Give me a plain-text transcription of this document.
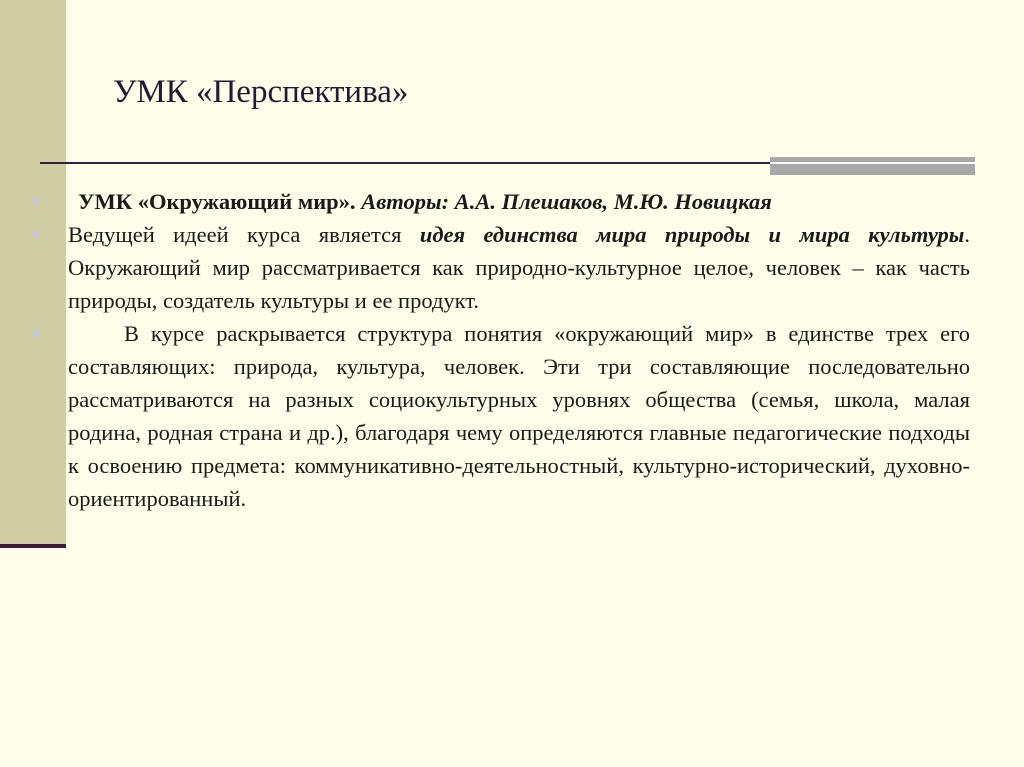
УМК «Перспектива»
УМК «Окружающий мир». Авторы: А.А. Плешаков, М.Ю. Новицкая
Ведущей идеей курса является идея единства мира природы и мира культуры. Окружающий мир рассматривается как природно-культурное целое, человек – как часть природы, создатель культуры и ее продукт.
В курсе раскрывается структура понятия «окружающий мир» в единстве трех его составляющих: природа, культура, человек. Эти три составляющие последовательно рассматриваются на разных социокультурных уровнях общества (семья, школа, малая родина, родная страна и др.), благодаря чему определяются главные педагогические подходы к освоению предмета: коммуникативно-деятельностный, культурно-исторический, духовно-ориентированный.
